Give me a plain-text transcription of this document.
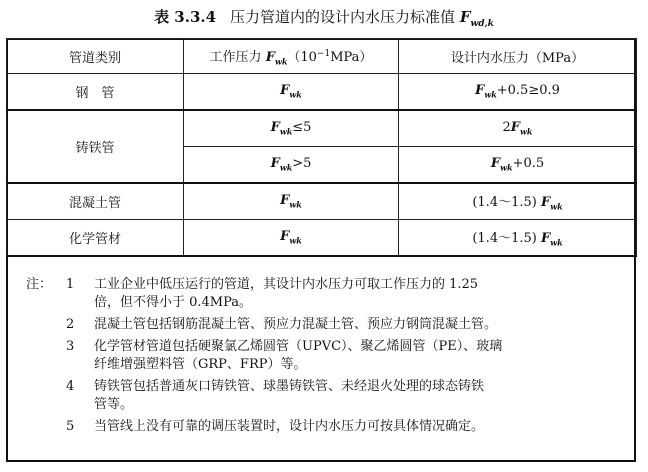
表 3.3.4 压力管道内的设计内水压力标准值 $F_{wd,k}$
管道类别	工作压力 $F_{wk}(10^{-1}MPa)$	设计内水压力（MPa）
钢　管	$F_{wk}$	$F_{wk}+0.5\ge 0.9$
铸铁管	$F_{wk}\le 5$	$2F_{wk}$
	$F_{wk}>5$	$F_{wk}+0.5$
混凝土管	$F_{wk}$	(1.4～1.5) $F_{wk}$
化学管材	$F_{wk}$	(1.4～1.5) $F_{wk}$
注：	1	工业企业中低压运行的管道，其设计内水压力可取工作压力的 1.25
倍，但不得小于 0.4MPa。
2	混凝土管包括钢筋混凝土管、预应力混凝土管、预应力钢筒混凝土管。
3	化学管材管道包括硬聚氯乙烯圆管（UPVC）、聚乙烯圆管（PE）、玻璃
纤维增强塑料管（GRP、FRP）等。
4	铸铁管包括普通灰口铸铁管、球墨铸铁管、未经退火处理的球态铸铁
管等。
5	当管线上没有可靠的调压装置时，设计内水压力可按具体情况确定。
